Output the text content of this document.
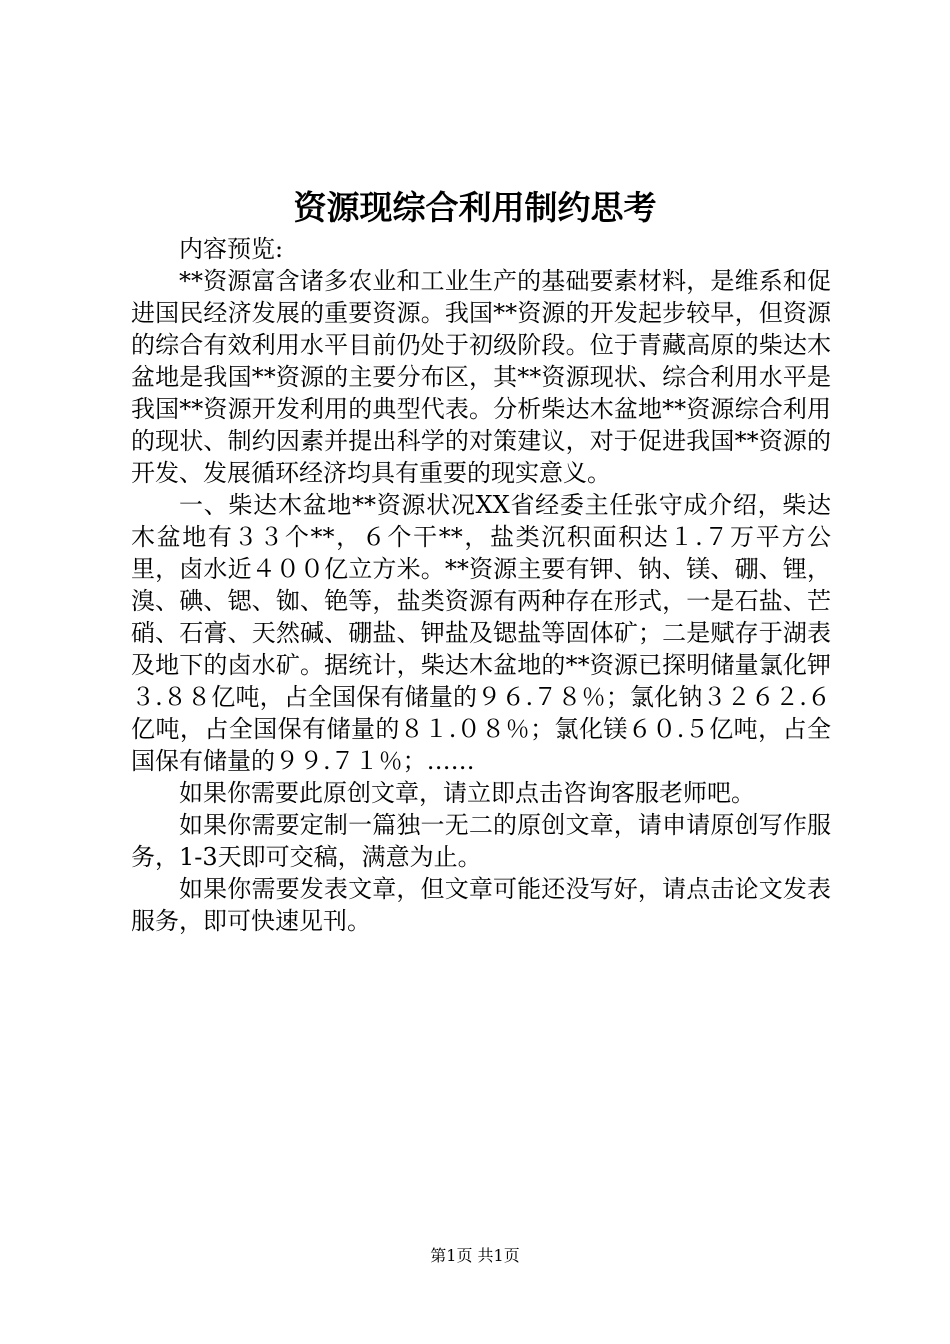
资源现综合利用制约思考

内容预览:

**资源富含诸多农业和工业生产的基础要素材料，是维系和促进国民经济发展的重要资源。我国**资源的开发起步较早，但资源的综合有效利用水平目前仍处于初级阶段。位于青藏高原的柴达木盆地是我国**资源的主要分布区，其**资源现状、综合利用水平是我国**资源开发利用的典型代表。分析柴达木盆地**资源综合利用的现状、制约因素并提出科学的对策建议，对于促进我国**资源的开发、发展循环经济均具有重要的现实意义。

一、柴达木盆地**资源状况XX省经委主任张守成介绍，柴达木盆地有３３个**，６个干**，盐类沉积面积达１.７万平方公里，卤水近４００亿立方米。**资源主要有钾、钠、镁、硼、锂，溴、碘、锶、铷、铯等，盐类资源有两种存在形式，一是石盐、芒硝、石膏、天然碱、硼盐、钾盐及锶盐等固体矿；二是赋存于湖表及地下的卤水矿。据统计，柴达木盆地的**资源已探明储量氯化钾３.８８亿吨，占全国保有储量的９６.７８％；氯化钠３２６２.６亿吨，占全国保有储量的８１.０８％；氯化镁６０.５亿吨，占全国保有储量的９９.７１％；……

如果你需要此原创文章，请立即点击咨询客服老师吧。

如果你需要定制一篇独一无二的原创文章，请申请原创写作服务，1-3天即可交稿，满意为止。

如果你需要发表文章，但文章可能还没写好，请点击论文发表服务，即可快速见刊。

第1页 共1页
